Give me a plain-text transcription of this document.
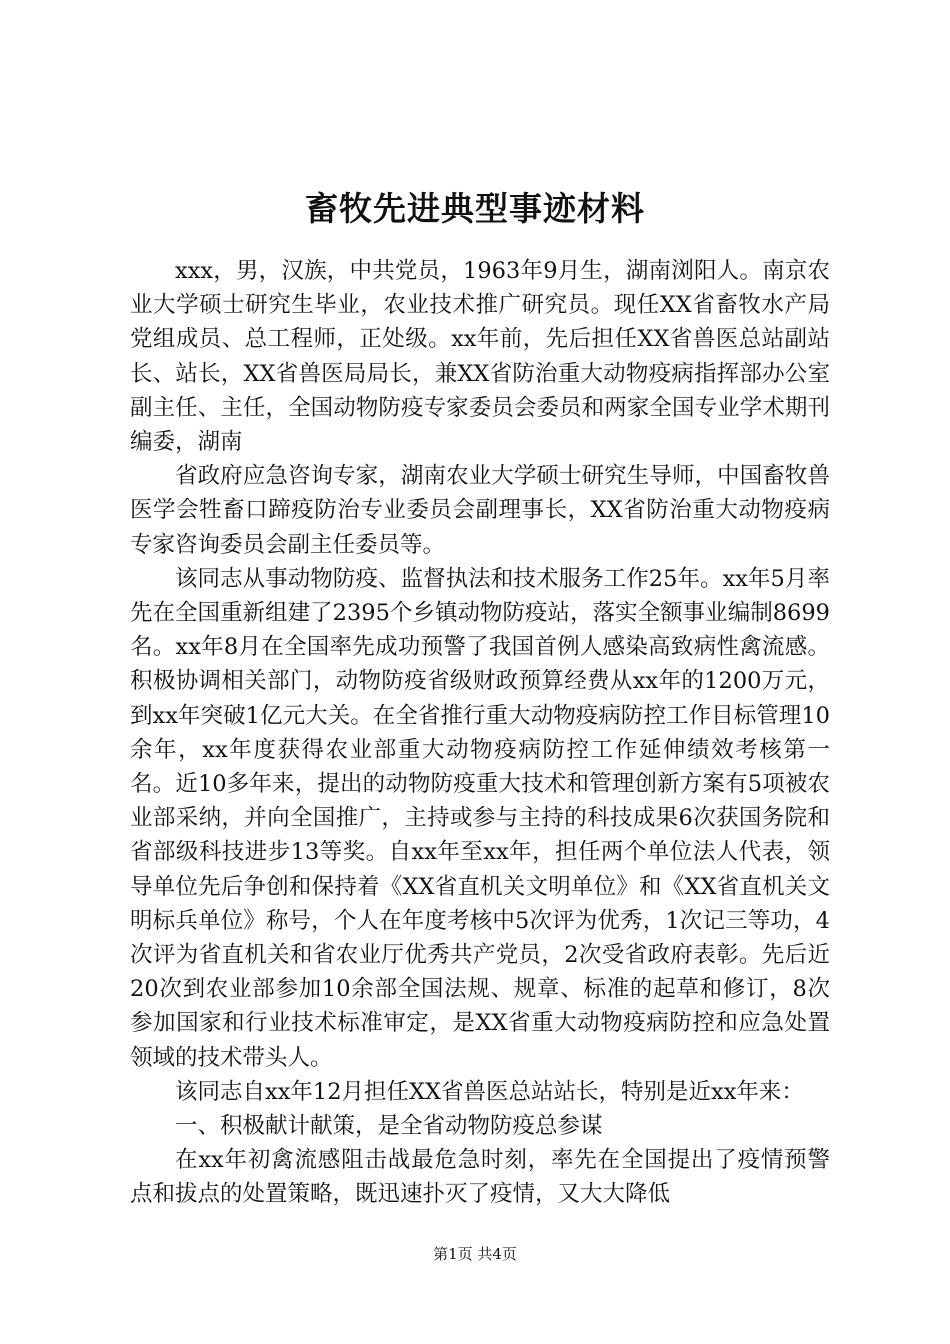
畜牧先进典型事迹材料

xxx，男，汉族，中共党员，1963年9月生，湖南浏阳人。南京农业大学硕士研究生毕业，农业技术推广研究员。现任XX省畜牧水产局党组成员、总工程师，正处级。xx年前，先后担任XX省兽医总站副站长、站长，XX省兽医局局长，兼XX省防治重大动物疫病指挥部办公室副主任、主任，全国动物防疫专家委员会委员和两家全国专业学术期刊编委，湖南

省政府应急咨询专家，湖南农业大学硕士研究生导师，中国畜牧兽医学会牲畜口蹄疫防治专业委员会副理事长，XX省防治重大动物疫病专家咨询委员会副主任委员等。

该同志从事动物防疫、监督执法和技术服务工作25年。xx年5月率先在全国重新组建了2395个乡镇动物防疫站，落实全额事业编制8699名。xx年8月在全国率先成功预警了我国首例人感染高致病性禽流感。积极协调相关部门，动物防疫省级财政预算经费从xx年的1200万元，到xx年突破1亿元大关。在全省推行重大动物疫病防控工作目标管理10余年，xx年度获得农业部重大动物疫病防控工作延伸绩效考核第一名。近10多年来，提出的动物防疫重大技术和管理创新方案有5项被农业部采纳，并向全国推广，主持或参与主持的科技成果6次获国务院和省部级科技进步13等奖。自xx年至xx年，担任两个单位法人代表，领导单位先后争创和保持着《XX省直机关文明单位》和《XX省直机关文明标兵单位》称号，个人在年度考核中5次评为优秀，1次记三等功，4次评为省直机关和省农业厅优秀共产党员，2次受省政府表彰。先后近20次到农业部参加10余部全国法规、规章、标准的起草和修订，8次参加国家和行业技术标准审定，是XX省重大动物疫病防控和应急处置领域的技术带头人。

该同志自xx年12月担任XX省兽医总站站长，特别是近xx年来：

一、积极献计献策，是全省动物防疫总参谋

在xx年初禽流感阻击战最危急时刻，率先在全国提出了疫情预警点和拔点的处置策略，既迅速扑灭了疫情，又大大降低

第1页 共4页
